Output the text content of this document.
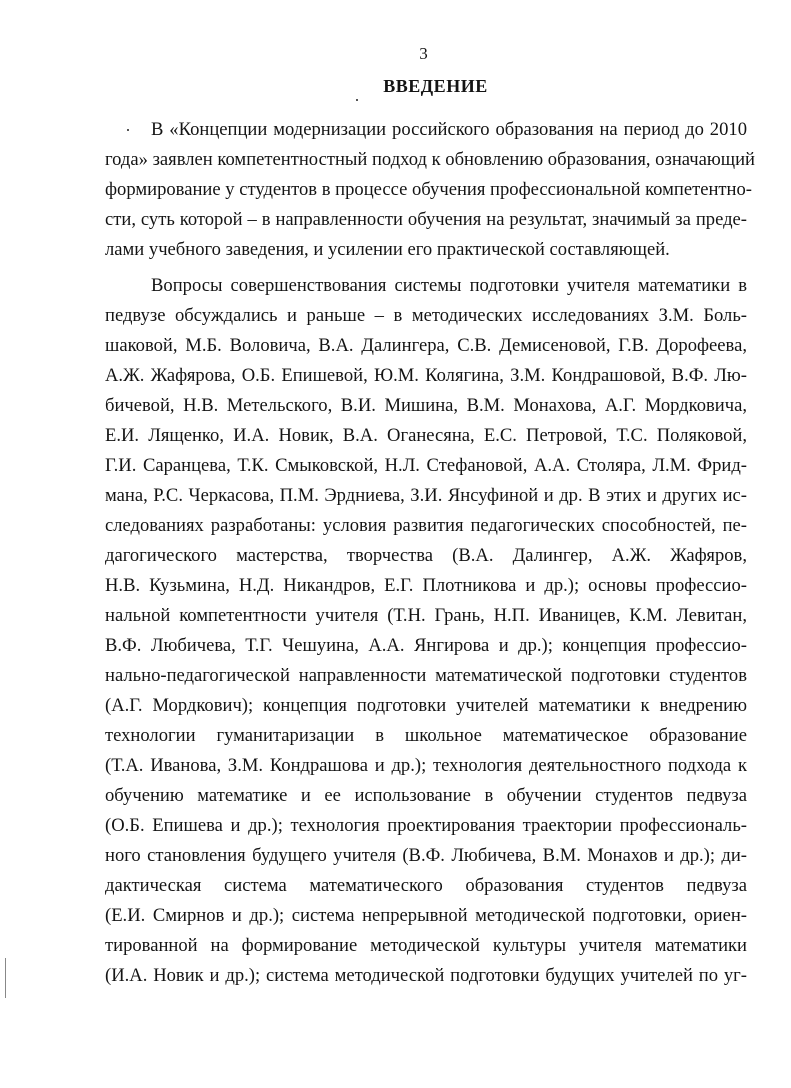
3
ВВЕДЕНИЕ
В «Концепции модернизации российского образования на период до 2010
года» заявлен компетентностный подход к обновлению образования, означающий
формирование у студентов в процессе обучения профессиональной компетентно-
сти, суть которой – в направленности обучения на результат, значимый за преде-
лами учебного заведения, и усилении его практической составляющей.
Вопросы совершенствования системы подготовки учителя математики в
педвузе обсуждались и раньше – в методических исследованиях З.М. Боль-
шаковой, М.Б. Воловича, В.А. Далингера, С.В. Демисеновой, Г.В. Дорофеева,
А.Ж. Жафярова, О.Б. Епишевой, Ю.М. Колягина, З.М. Кондрашовой, В.Ф. Лю-
бичевой, Н.В. Метельского, В.И. Мишина, В.М. Монахова, А.Г. Мордковича,
Е.И. Лященко, И.А. Новик, В.А. Оганесяна, Е.С. Петровой, Т.С. Поляковой,
Г.И. Саранцева, Т.К. Смыковской, Н.Л. Стефановой, А.А. Столяра, Л.М. Фрид-
мана, Р.С. Черкасова, П.М. Эрдниева, З.И. Янсуфиной и др. В этих и других ис-
следованиях разработаны: условия развития педагогических способностей, пе-
дагогического мастерства, творчества (В.А. Далингер, А.Ж. Жафяров,
Н.В. Кузьмина, Н.Д. Никандров, Е.Г. Плотникова и др.); основы профессио-
нальной компетентности учителя (Т.Н. Грань, Н.П. Иваницев, К.М. Левитан,
В.Ф. Любичева, Т.Г. Чешуина, А.А. Янгирова и др.); концепция профессио-
нально-педагогической направленности математической подготовки студентов
(А.Г. Мордкович); концепция подготовки учителей математики к внедрению
технологии гуманитаризации в школьное математическое образование
(Т.А. Иванова, З.М. Кондрашова и др.); технология деятельностного подхода к
обучению математике и ее использование в обучении студентов педвуза
(О.Б. Епишева и др.); технология проектирования траектории профессиональ-
ного становления будущего учителя (В.Ф. Любичева, В.М. Монахов и др.); ди-
дактическая система математического образования студентов педвуза
(Е.И. Смирнов и др.); система непрерывной методической подготовки, ориен-
тированной на формирование методической культуры учителя математики
(И.А. Новик и др.); система методической подготовки будущих учителей по уг-
